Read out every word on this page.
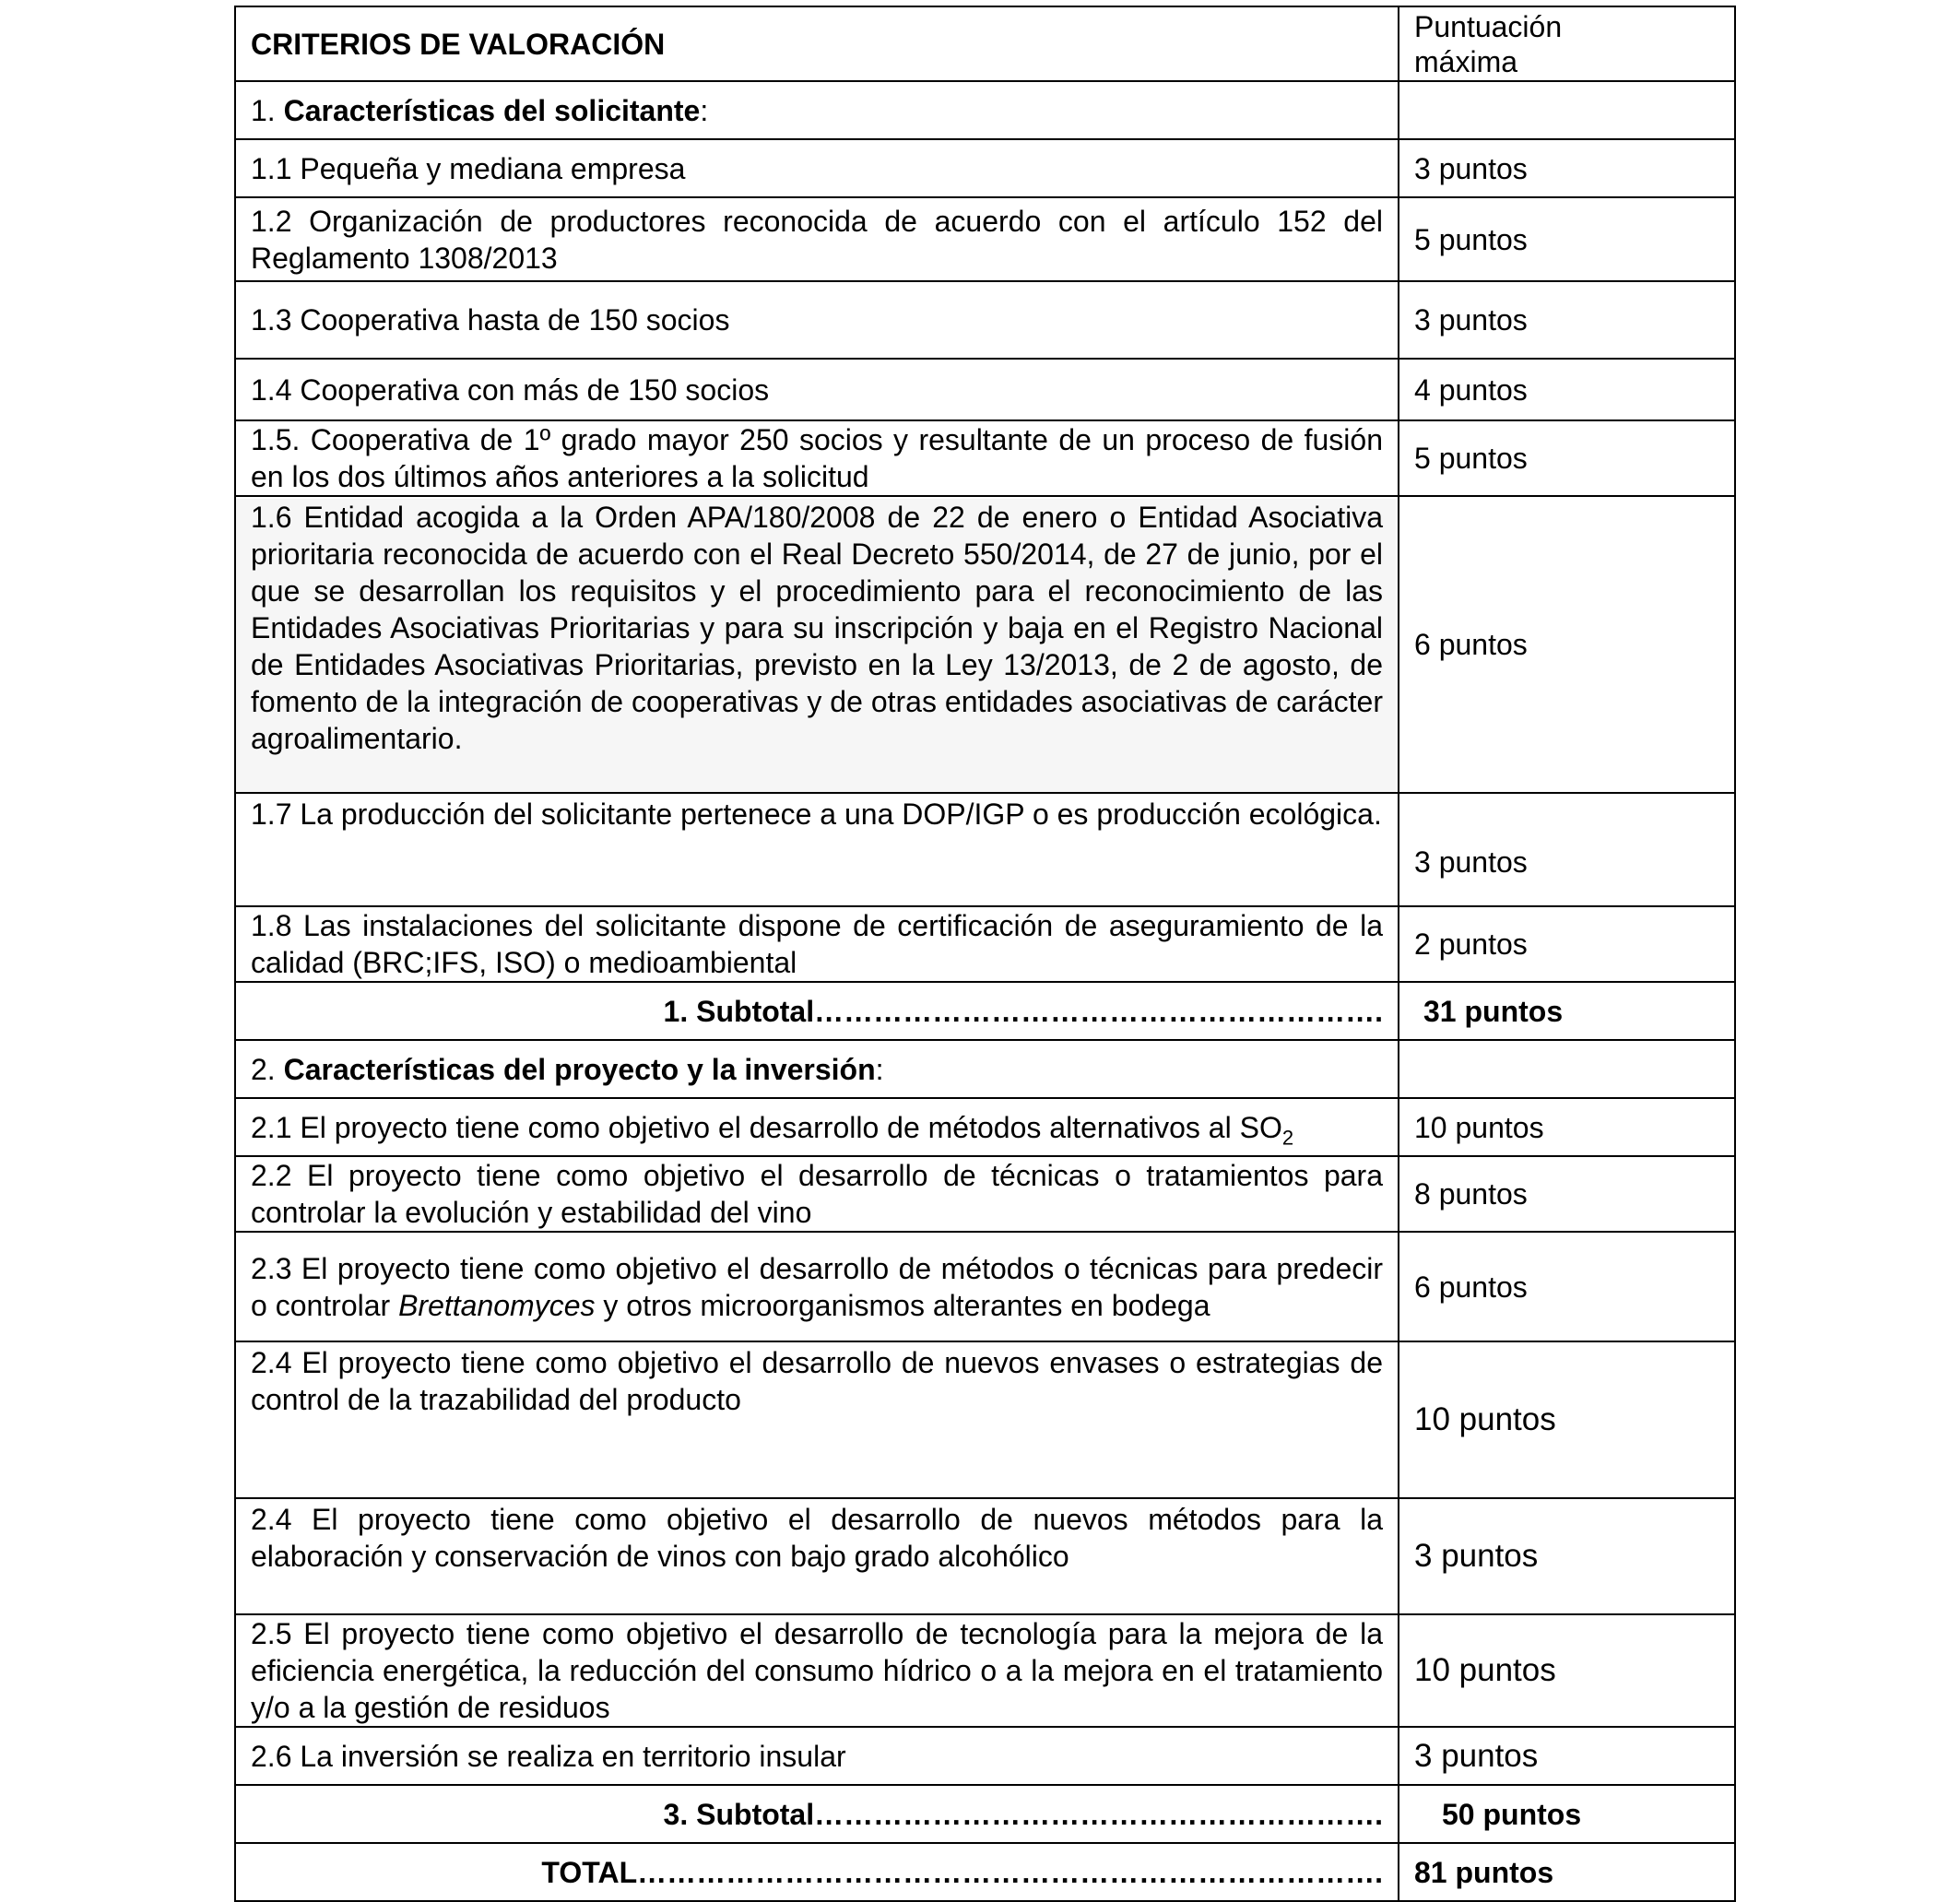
CRITERIOS DE VALORACIÓN	Puntuación
máxima

1. Características del solicitante:	
1.1 Pequeña y mediana empresa	3 puntos
1.2 Organización de productores reconocida de acuerdo con el artículo 152 del Reglamento 1308/2013	5 puntos
1.3 Cooperativa hasta de 150 socios	3 puntos
1.4 Cooperativa con más de 150 socios	4 puntos
1.5. Cooperativa de 1º grado mayor 250 socios y resultante de un proceso de fusión en los dos últimos años anteriores a la solicitud	5 puntos

1.6 Entidad acogida a la Orden APA/180/2008 de 22 de enero o Entidad Asociativa prioritaria reconocida de acuerdo con el Real Decreto 550/2014, de 27 de junio, por el que se desarrollan los requisitos y el procedimiento para el reconocimiento de las Entidades Asociativas Prioritarias y para su inscripción y baja en el Registro Nacional de Entidades Asociativas Prioritarias, previsto en la Ley 13/2013, de 2 de agosto, de fomento de la integración de cooperativas y de otras entidades asociativas de carácter agroalimentario.	6 puntos
1.7 La producción del solicitante pertenece a una DOP/IGP o es producción ecológica.	3 puntos
1.8 Las instalaciones del solicitante dispone de certificación de aseguramiento de la calidad (BRC;IFS, ISO) o medioambiental	2 puntos
1. Subtotal………………………………………………….	31 puntos
2. Características del proyecto y la inversión:	
2.1 El proyecto tiene como objetivo el desarrollo de métodos alternativos al $SO_2$	10 puntos
2.2 El proyecto tiene como objetivo el desarrollo de técnicas o tratamientos para controlar la evolución y estabilidad del vino	8 puntos
2.3 El proyecto tiene como objetivo el desarrollo de métodos o técnicas para predecir o controlar Brettanomyces y otros microorganismos alterantes en bodega	6 puntos
2.4 El proyecto tiene como objetivo el desarrollo de nuevos envases o estrategias de control de la trazabilidad del producto	10 puntos
2.4 El proyecto tiene como objetivo el desarrollo de nuevos métodos para la elaboración y conservación de vinos con bajo grado alcohólico	3 puntos
2.5 El proyecto tiene como objetivo el desarrollo de tecnología para la mejora de la eficiencia energética, la reducción del consumo hídrico o a la mejora en el tratamiento y/o a la gestión de residuos	10 puntos
2.6 La inversión se realiza en territorio insular	3 puntos
3. Subtotal………………………………………………….	50 puntos
TOTAL………………………………………………………………….	81 puntos
